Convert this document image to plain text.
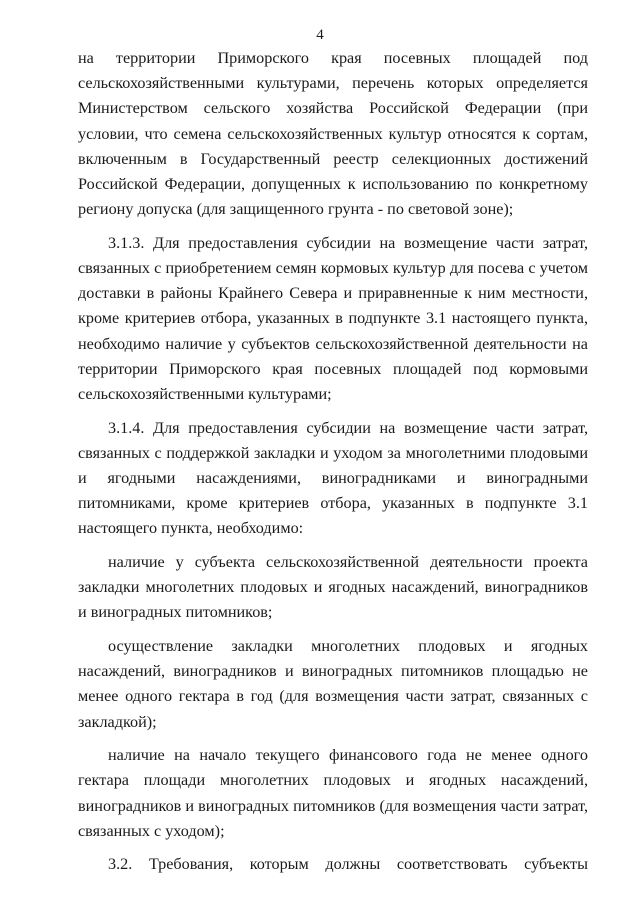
4

на территории Приморского края посевных площадей под сельскохозяйственными культурами, перечень которых определяется Министерством сельского хозяйства Российской Федерации (при условии, что семена сельскохозяйственных культур относятся к сортам, включенным в Государственный реестр селекционных достижений Российской Федерации, допущенных к использованию по конкретному региону допуска (для защищенного грунта - по световой зоне);

3.1.3. Для предоставления субсидии на возмещение части затрат, связанных с приобретением семян кормовых культур для посева с учетом доставки в районы Крайнего Севера и приравненные к ним местности, кроме критериев отбора, указанных в подпункте 3.1 настоящего пункта, необходимо наличие у субъектов сельскохозяйственной деятельности на территории Приморского края посевных площадей под кормовыми сельскохозяйственными культурами;

3.1.4. Для предоставления субсидии на возмещение части затрат, связанных с поддержкой закладки и уходом за многолетними плодовыми и ягодными насаждениями, виноградниками и виноградными питомниками, кроме критериев отбора, указанных в подпункте 3.1 настоящего пункта, необходимо:

наличие у субъекта сельскохозяйственной деятельности проекта закладки многолетних плодовых и ягодных насаждений, виноградников и виноградных питомников;

осуществление закладки многолетних плодовых и ягодных насаждений, виноградников и виноградных питомников площадью не менее одного гектара в год (для возмещения части затрат, связанных с закладкой);

наличие на начало текущего финансового года не менее одного гектара площади многолетних плодовых и ягодных насаждений, виноградников и виноградных питомников (для возмещения части затрат, связанных с уходом);

3.2. Требования, которым должны соответствовать субъекты
